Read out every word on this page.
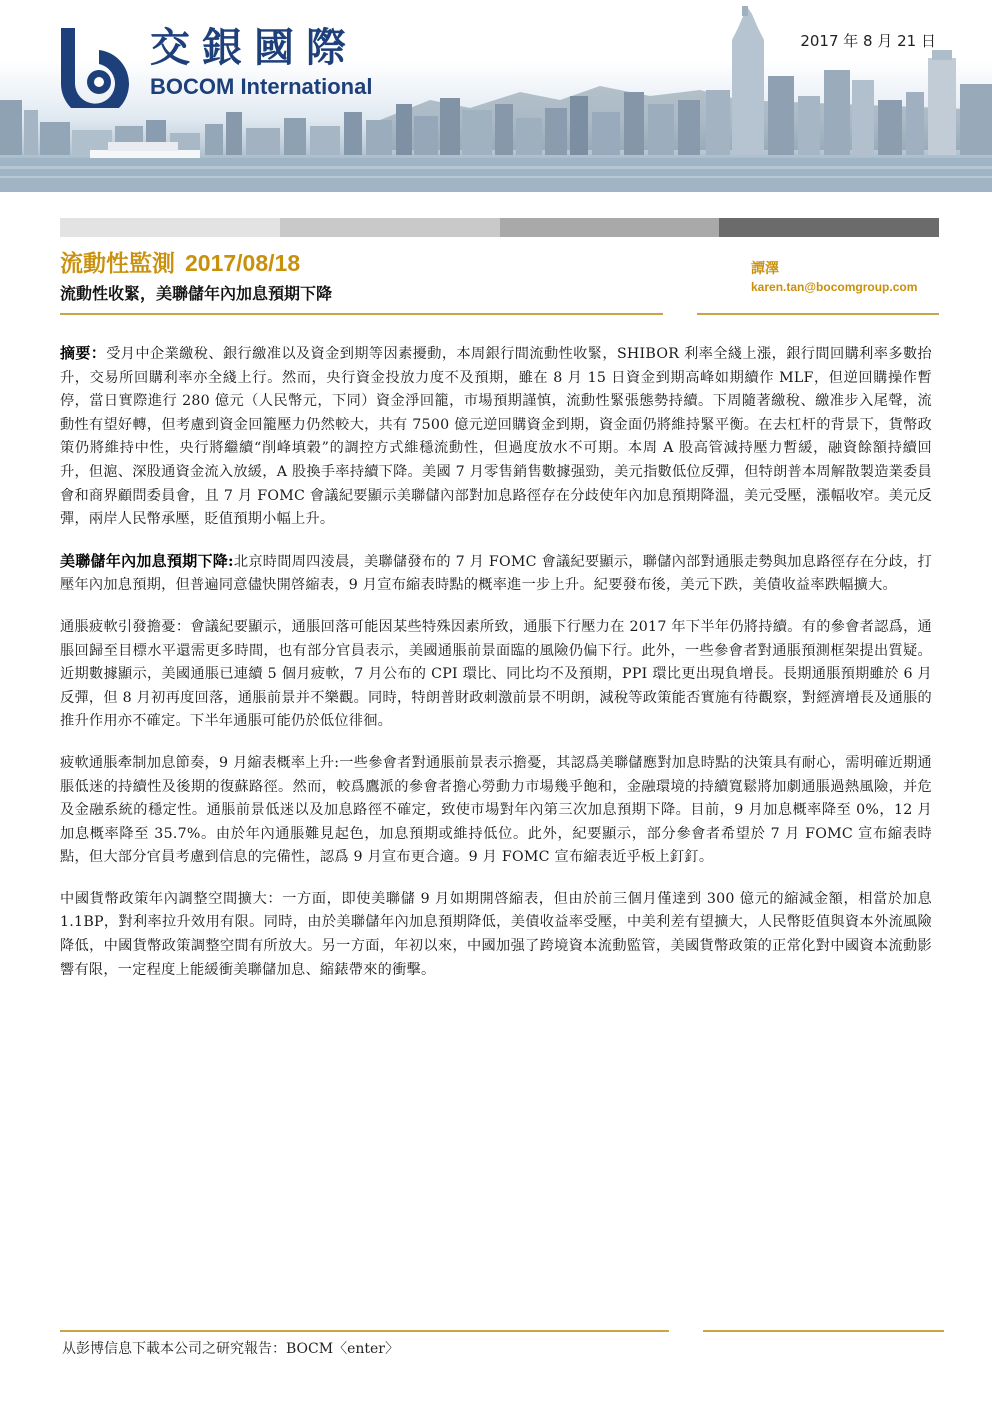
交銀國際
BOCOM International
2017 年 8 月 21 日
流動性監測 2017/08/18
流動性收緊，美聯儲年內加息預期下降
譚澤
karen.tan@bocomgroup.com

摘要：受月中企業繳稅、銀行繳准以及資金到期等因素擾動，本周銀行間流動性收緊，SHIBOR 利率全綫上漲，銀行間回購利率多數抬升，交易所回購利率亦全綫上行。然而，央行資金投放力度不及預期，雖在 8 月 15 日資金到期高峰如期續作 MLF，但逆回購操作暫停，當日實際進行 280 億元（人民幣元，下同）資金淨回籠，市場預期謹慎，流動性緊張態勢持續。下周隨著繳稅、繳准步入尾聲，流動性有望好轉，但考慮到資金回籠壓力仍然較大，共有 7500 億元逆回購資金到期，資金面仍將維持緊平衡。在去杠杆的背景下，貨幣政策仍將維持中性，央行將繼續“削峰填穀”的調控方式維穩流動性，但過度放水不可期。本周 A 股高管減持壓力暫緩，融資餘額持續回升，但滬、深股通資金流入放緩，A 股換手率持續下降。美國 7 月零售銷售數據强勁，美元指數低位反彈，但特朗普本周解散製造業委員會和商界顧問委員會，且 7 月 FOMC 會議紀要顯示美聯儲內部對加息路徑存在分歧使年內加息預期降溫，美元受壓，漲幅收窄。美元反彈，兩岸人民幣承壓，貶值預期小幅上升。

美聯儲年內加息預期下降:北京時間周四淩晨，美聯儲發布的 7 月 FOMC 會議紀要顯示，聯儲內部對通脹走勢與加息路徑存在分歧，打壓年內加息預期，但普遍同意儘快開啓縮表，9 月宣布縮表時點的概率進一步上升。紀要發布後，美元下跌，美債收益率跌幅擴大。

通脹疲軟引發擔憂：會議紀要顯示，通脹回落可能因某些特殊因素所致，通脹下行壓力在 2017 年下半年仍將持續。有的參會者認爲，通脹回歸至目標水平還需更多時間，也有部分官員表示，美國通脹前景面臨的風險仍偏下行。此外，一些參會者對通脹預測框架提出質疑。近期數據顯示，美國通脹已連續 5 個月疲軟，7 月公布的 CPI 環比、同比均不及預期，PPI 環比更出現負增長。長期通脹預期雖於 6 月反彈，但 8 月初再度回落，通脹前景并不樂觀。同時，特朗普財政刺激前景不明朗，減稅等政策能否實施有待觀察，對經濟增長及通脹的推升作用亦不確定。下半年通脹可能仍於低位徘徊。

疲軟通脹牽制加息節奏，9 月縮表概率上升:一些參會者對通脹前景表示擔憂，其認爲美聯儲應對加息時點的決策具有耐心，需明確近期通脹低迷的持續性及後期的復蘇路徑。然而，較爲鷹派的參會者擔心勞動力市場幾乎飽和，金融環境的持續寬鬆將加劇通脹過熱風險，并危及金融系統的穩定性。通脹前景低迷以及加息路徑不確定，致使市場對年內第三次加息預期下降。目前，9 月加息概率降至 0%，12 月加息概率降至 35.7%。由於年內通脹難見起色，加息預期或維持低位。此外，紀要顯示，部分參會者希望於 7 月 FOMC 宣布縮表時點，但大部分官員考慮到信息的完備性，認爲 9 月宣布更合適。9 月 FOMC 宣布縮表近乎板上釘釘。

中國貨幣政策年內調整空間擴大：一方面，即使美聯儲 9 月如期開啓縮表，但由於前三個月僅達到 300 億元的縮減金額，相當於加息 1.1BP，對利率拉升效用有限。同時，由於美聯儲年內加息預期降低，美債收益率受壓，中美利差有望擴大，人民幣貶值與資本外流風險降低，中國貨幣政策調整空間有所放大。另一方面，年初以來，中國加强了跨境資本流動監管，美國貨幣政策的正常化對中國資本流動影響有限，一定程度上能緩衝美聯儲加息、縮錶帶來的衝擊。

从彭博信息下載本公司之研究報告：BOCM〈enter〉
